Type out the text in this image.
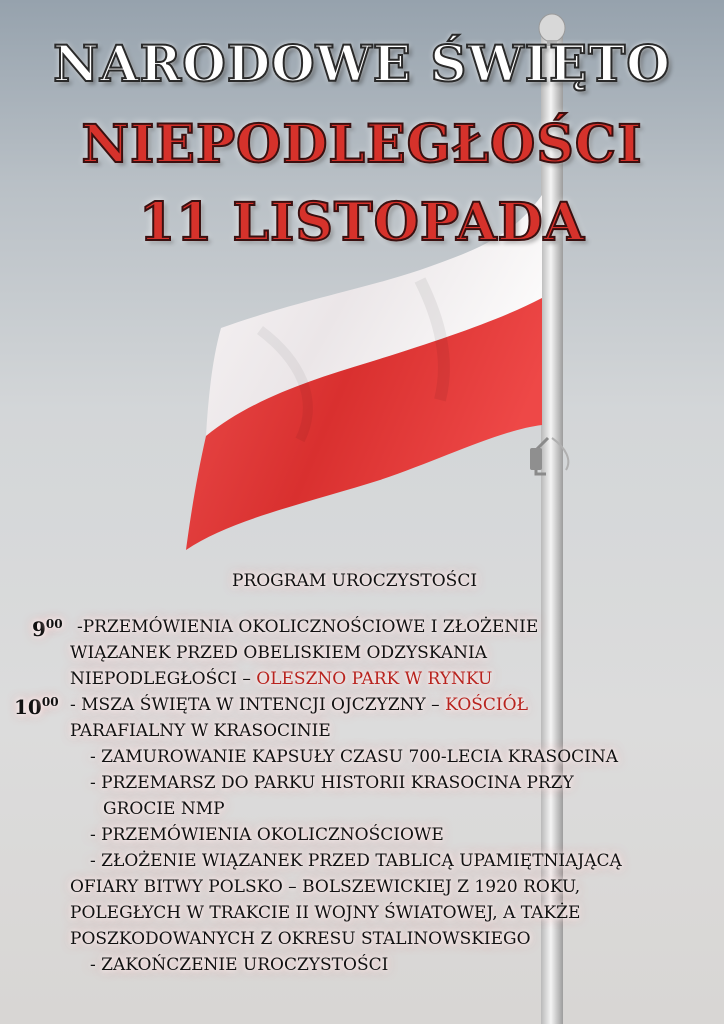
NARODOWE ŚWIĘTO
NIEPODLEGŁOŚCI
11 LISTOPADA
PROGRAM UROCZYSTOŚCI
$9^{00}$ -PRZEMÓWIENIA OKOLICZNOŚCIOWE I ZŁOŻENIE
WIĄZANEK PRZED OBELISKIEM ODZYSKANIA
NIEPODLEGŁOŚCI – OLESZNO PARK W RYNKU
$10^{00}$ - MSZA ŚWIĘTA W INTENCJI OJCZYZNY – KOŚCIÓŁ
PARAFIALNY W KRASOCINIE
- ZAMUROWANIE KAPSUŁY CZASU 700-LECIA KRASOCINA
- PRZEMARSZ DO PARKU HISTORII KRASOCINA PRZY
GROCIE NMP
- PRZEMÓWIENIA OKOLICZNOŚCIOWE
- ZŁOŻENIE WIĄZANEK PRZED TABLICĄ UPAMIĘTNIAJĄCĄ
OFIARY BITWY POLSKO – BOLSZEWICKIEJ Z 1920 ROKU,
POLEGŁYCH W TRAKCIE II WOJNY ŚWIATOWEJ, A TAKŻE
POSZKODOWANYCH Z OKRESU STALINOWSKIEGO
- ZAKOŃCZENIE UROCZYSTOŚCI
